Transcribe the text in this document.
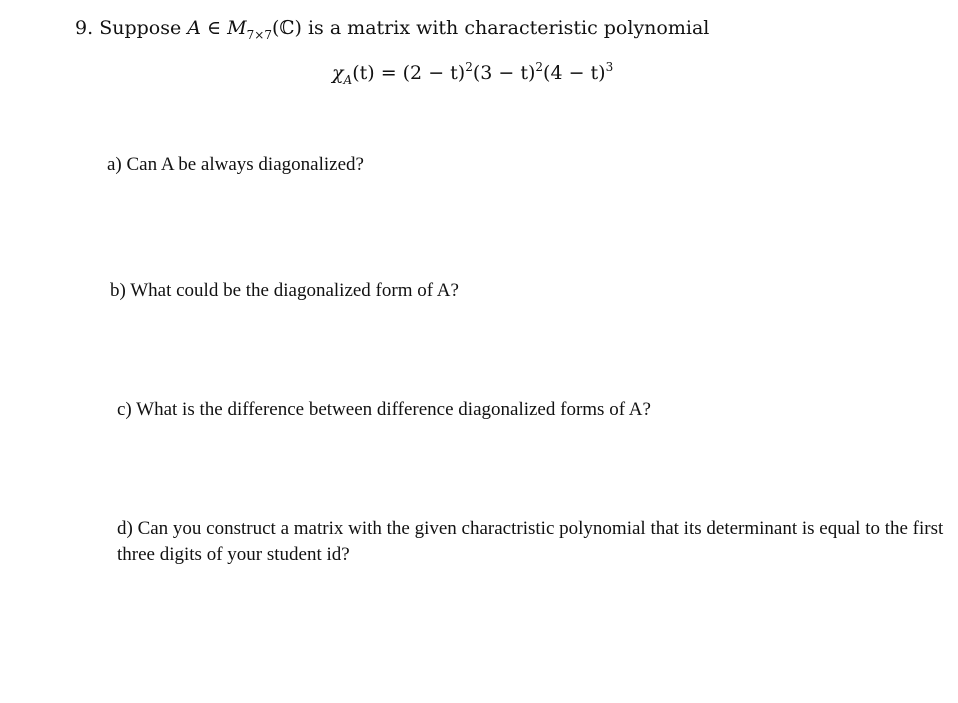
9. Suppose A ∈ $M_{7\times 7}(ℂ)$ is a matrix with characteristic polynomial
$\chi_A(t) = (2 - t)^2(3 - t)^2(4 - t)^3$
a) Can A be always diagonalized?
b) What could be the diagonalized form of A?
c) What is the difference between difference diagonalized forms of A?
d) Can you construct a matrix with the given charactristic polynomial that its determinant is equal to the first three digits of your student id?
